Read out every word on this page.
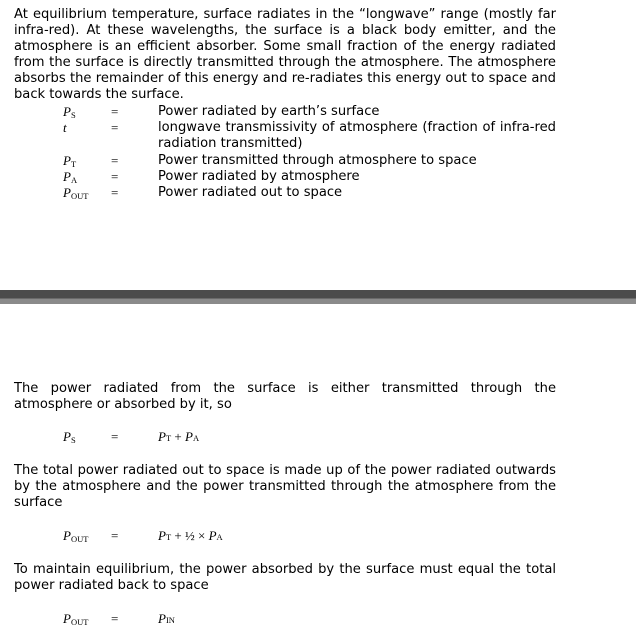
At equilibrium temperature, surface radiates in the “longwave” range (mostly far infra-red). At these wavelengths, the surface is a black body emitter, and the atmosphere is an efficient absorber. Some small fraction of the energy radiated from the surface is directly transmitted through the atmosphere. The atmosphere absorbs the remainder of this energy and re-radiates this energy out to space and back towards the surface.

$P_S$	=	Power radiated by earth’s surface
t	=	longwave transmissivity of atmosphere (fraction of infra-red radiation transmitted)
$P_T$	=	Power transmitted through atmosphere to space
$P_A$	=	Power radiated by atmosphere
$P_{OUT}$ =	Power radiated out to space

The power radiated from the surface is either transmitted through the atmosphere or absorbed by it, so

$P_S$	=	PT + PA

The total power radiated out to space is made up of the power radiated outwards by the atmosphere and the power transmitted through the atmosphere from the surface

$P_{OUT}$ =	PT + ½ × PA

To maintain equilibrium, the power absorbed by the surface must equal the total power radiated back to space

$P_{OUT}$ =	PIN
